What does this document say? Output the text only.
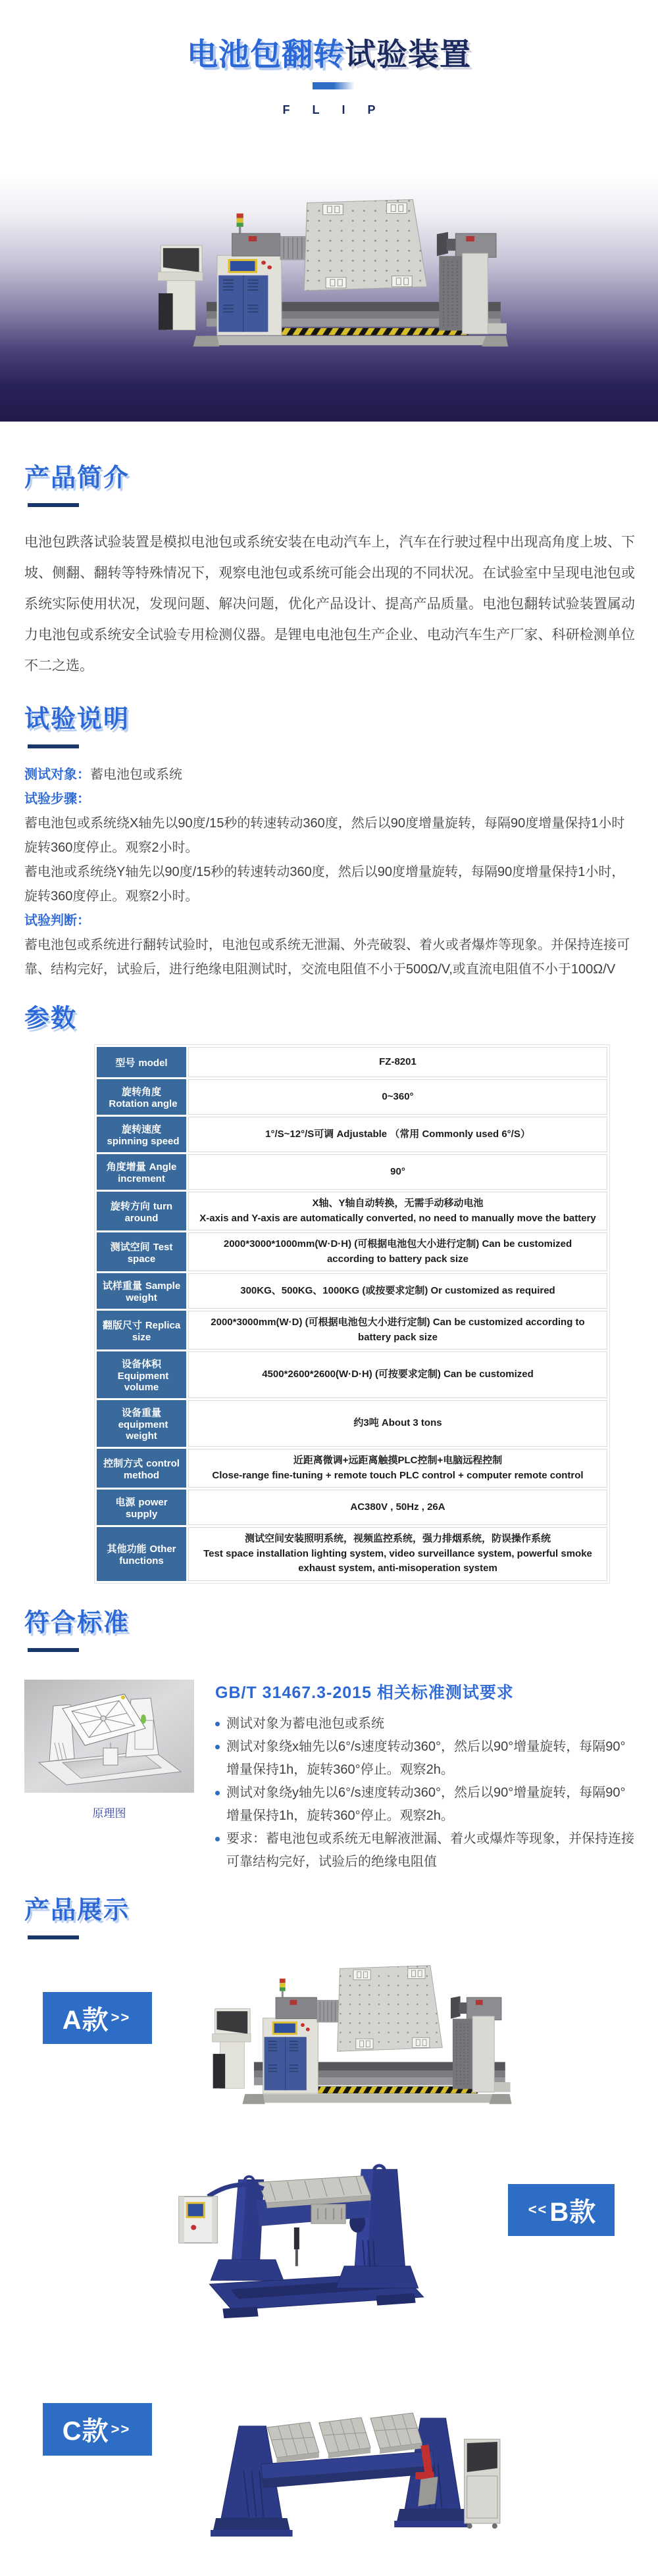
电池包翻转试验装置
FLIP
产品简介

电池包跌落试验装置是模拟电池包或系统安装在电动汽车上，汽车在行驶过程中出现高角度上坡、下坡、侧翻、翻转等特殊情况下，观察电池包或系统可能会出现的不同状况。在试验室中呈现电池包或系统实际使用状况，发现问题、解决问题，优化产品设计、提高产品质量。电池包翻转试验装置属动力电池包或系统安全试验专用检测仪器。是锂电电池包生产企业、电动汽车生产厂家、科研检测单位不二之选。

试验说明

测试对象：蓄电池包或系统

试验步骤：

蓄电池包或系统绕X轴先以90度/15秒的转速转动360度，然后以90度增量旋转，每隔90度增量保持1小时旋转360度停止。观察2小时。

蓄电池或系统绕Y轴先以90度/15秒的转速转动360度，然后以90度增量旋转，每隔90度增量保持1小时，旋转360度停止。观察2小时。

试验判断：

蓄电池包或系统进行翻转试验时，电池包或系统无泄漏、外壳破裂、着火或者爆炸等现象。并保持连接可靠、结构完好，试验后，进行绝缘电阻测试时，交流电阻值不小于500Ω/V,或直流电阻值不小于100Ω/V

参数
型号 model	FZ-8201

旋转角度Rotation angle	0~360°

旋转速度spinning speed	1°/S~12°/S可调 Adjustable （常用 Commonly used 6°/S）

角度增量 Angle increment	90°

旋转方向 turn around	X轴、Y轴自动转换，无需手动移动电池
X-axis and Y-axis are automatically converted, no need to manually move the battery

测试空间 Test space	2000*3000*1000mm(W·D·H) (可根据电池包大小进行定制) Can be customized according to battery pack size

试样重量 Sample weight	300KG、500KG、1000KG (或按要求定制) Or customized as required

翻版尺寸 Replica size	2000*3000mm(W·D) (可根据电池包大小进行定制) Can be customized according to battery pack size

设备体积Equipment volume	4500*2600*2600(W·D·H) (可按要求定制) Can be customized

设备重量equipment weight	约3吨 About 3 tons

控制方式 control method	近距离微调+远距离触摸PLC控制+电脑远程控制
Close-range fine-tuning + remote touch PLC control + computer remote control

电源 power supply	AC380V , 50Hz , 26A

其他功能 Other functions	测试空间安装照明系统，视频监控系统，强力排烟系统，防误操作系统
Test space installation lighting system, video surveillance system, powerful smoke exhaust system, anti-misoperation system
符合标准
原理图
GB/T 31467.3-2015 相关标准测试要求
测试对象为蓄电池包或系统
测试对象绕x轴先以6°/s速度转动360°，然后以90°增量旋转，每隔90°增量保持1h，旋转360°停止。观察2h。
测试对象绕y轴先以6°/s速度转动360°，然后以90°增量旋转，每隔90°增量保持1h，旋转360°停止。观察2h。
要求：蓄电池包或系统无电解液泄漏、着火或爆炸等现象，并保持连接可靠结构完好，试验后的绝缘电阻值
产品展示
A款 >>
<< B款
C款 >>
